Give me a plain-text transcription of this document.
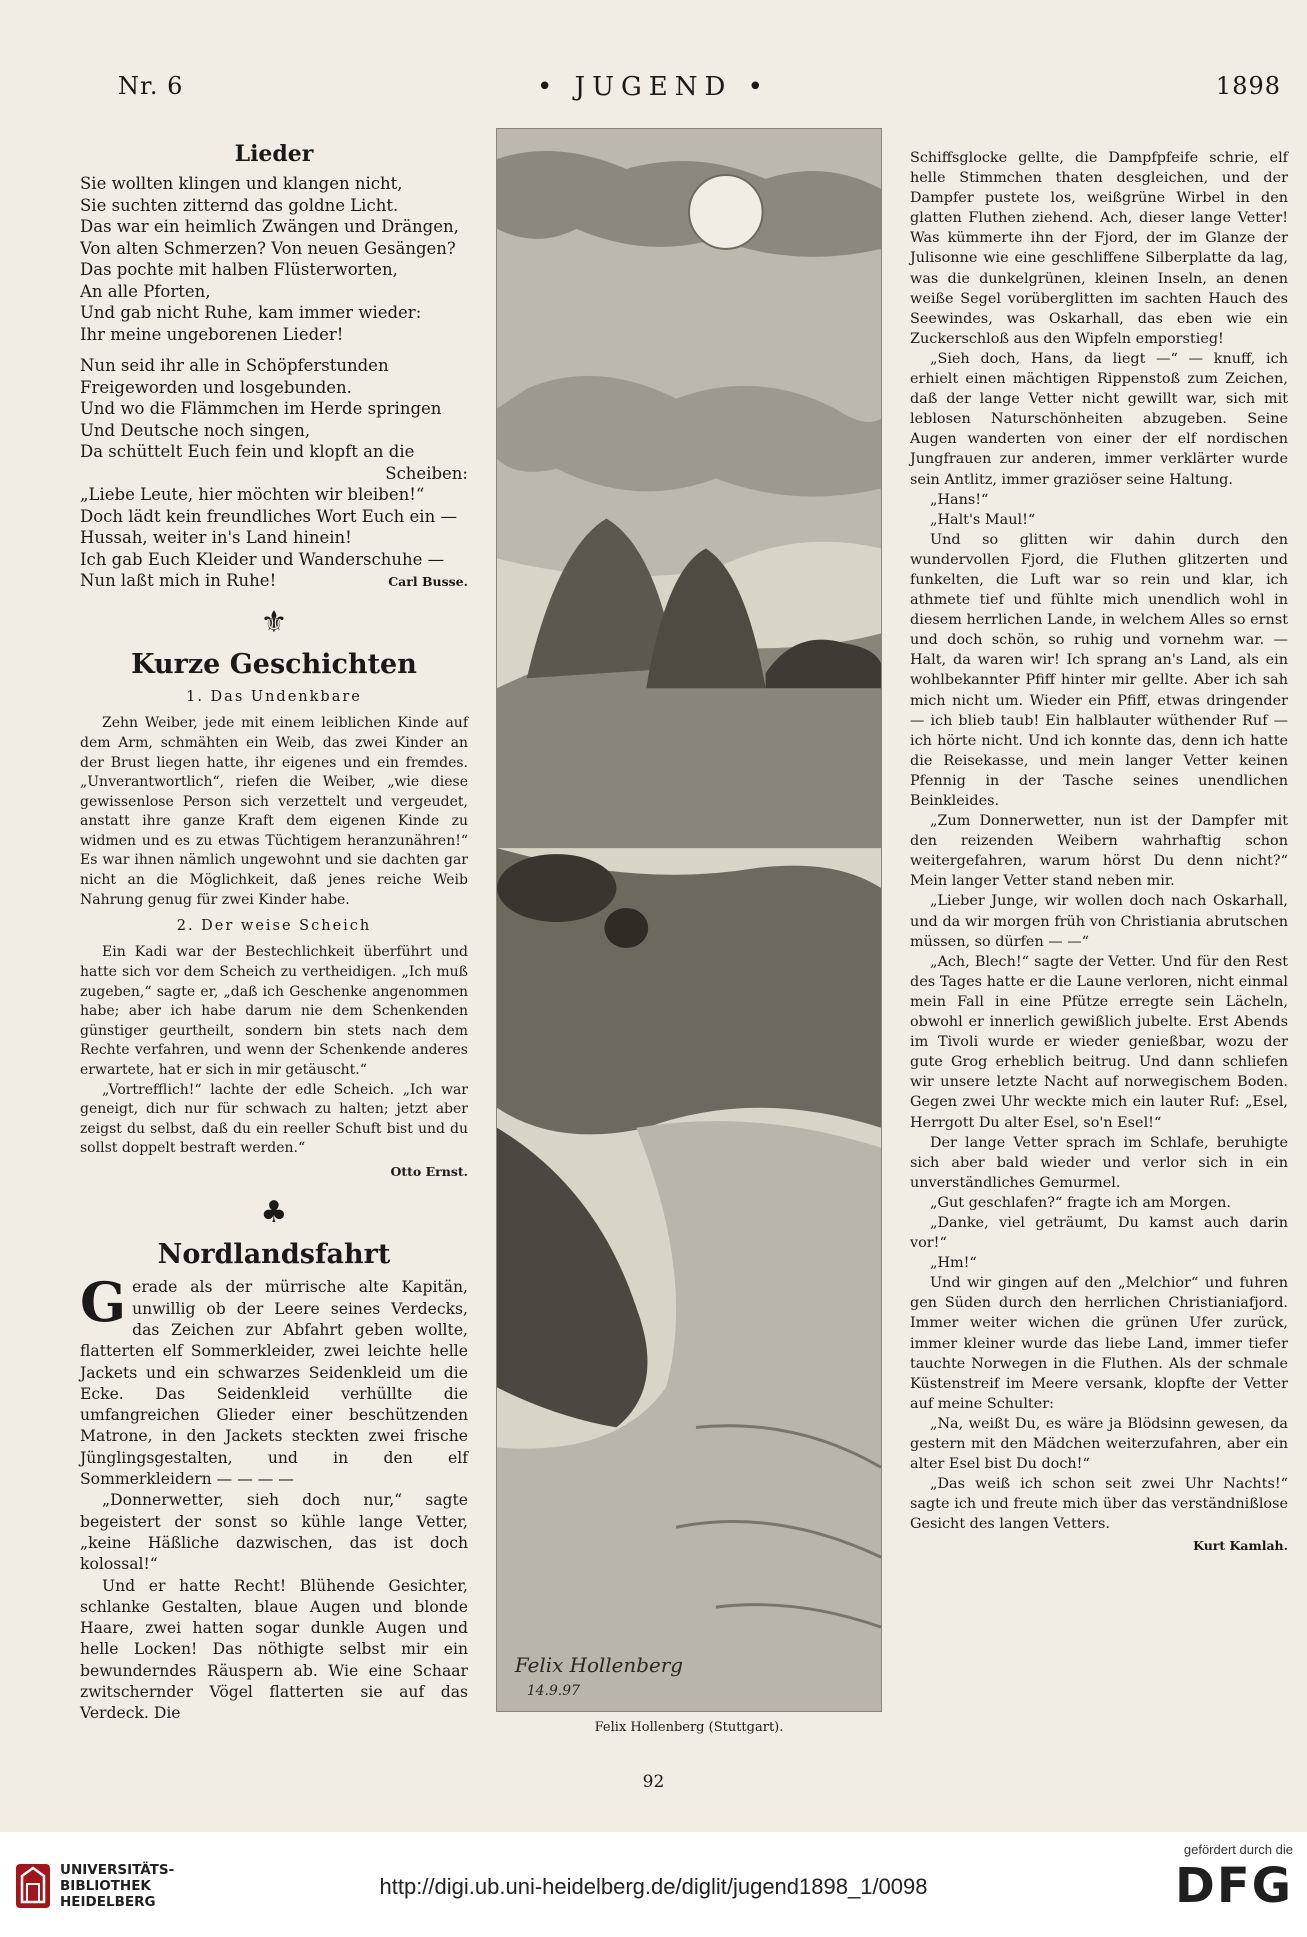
Nr. 6	• JUGEND •	1898
Lieder
Sie wollten klingen und klangen nicht,
Sie suchten zitternd das goldne Licht.
Das war ein heimlich Zwängen und Drängen,
Von alten Schmerzen? Von neuen Gesängen?
Das pochte mit halben Flüsterworten,
An alle Pforten,
Und gab nicht Ruhe, kam immer wieder:
Ihr meine ungeborenen Lieder!
Nun seid ihr alle in Schöpferstunden
Freigeworden und losgebunden.
Und wo die Flämmchen im Herde springen
Und Deutsche noch singen,
Da schüttelt Euch fein und klopft an die
Scheiben:
„Liebe Leute, hier möchten wir bleiben!“
Doch lädt kein freundliches Wort Euch ein —
Hussah, weiter in's Land hinein!
Ich gab Euch Kleider und Wanderschuhe —
Nun laßt mich in Ruhe!	Carl Busse.
⚜
Kurze Geschichten
1. Das Undenkbare

Zehn Weiber, jede mit einem leiblichen Kinde auf dem Arm, schmähten ein Weib, das zwei Kinder an der Brust liegen hatte, ihr eigenes und ein fremdes. „Unverantwortlich“, riefen die Weiber, „wie diese gewissenlose Person sich verzettelt und vergeudet, anstatt ihre ganze Kraft dem eigenen Kinde zu widmen und es zu etwas Tüchtigem heranzunähren!“ Es war ihnen nämlich ungewohnt und sie dachten gar nicht an die Möglichkeit, daß jenes reiche Weib Nahrung genug für zwei Kinder habe.

2. Der weise Scheich

Ein Kadi war der Bestechlichkeit überführt und hatte sich vor dem Scheich zu vertheidigen. „Ich muß zugeben,“ sagte er, „daß ich Geschenke angenommen habe; aber ich habe darum nie dem Schenkenden günstiger geurtheilt, sondern bin stets nach dem Rechte verfahren, und wenn der Schenkende anderes erwartete, hat er sich in mir getäuscht.“

„Vortrefflich!“ lachte der edle Scheich. „Ich war geneigt, dich nur für schwach zu halten; jetzt aber zeigst du selbst, daß du ein reeller Schuft bist und du sollst doppelt bestraft werden.“

Otto Ernst.
♣
Nordlandsfahrt

Gerade als der mürrische alte Kapitän, unwillig ob der Leere seines Verdecks, das Zeichen zur Abfahrt geben wollte, flatterten elf Sommerkleider, zwei leichte helle Jackets und ein schwarzes Seidenkleid um die Ecke. Das Seidenkleid verhüllte die umfangreichen Glieder einer beschützenden Matrone, in den Jackets steckten zwei frische Jünglingsgestalten, und in den elf Sommerkleidern — — — —

„Donnerwetter, sieh doch nur,“ sagte begeistert der sonst so kühle lange Vetter, „keine Häßliche dazwischen, das ist doch kolossal!“

Und er hatte Recht! Blühende Gesichter, schlanke Gestalten, blaue Augen und blonde Haare, zwei hatten sogar dunkle Augen und helle Locken! Das nöthigte selbst mir ein bewunderndes Räuspern ab. Wie eine Schaar zwitschernder Vögel flatterten sie auf das Verdeck. Die

Felix Hollenberg
14.9.97
Felix Hollenberg (Stuttgart).

Schiffsglocke gellte, die Dampfpfeife schrie, elf helle Stimmchen thaten desgleichen, und der Dampfer pustete los, weißgrüne Wirbel in den glatten Fluthen ziehend. Ach, dieser lange Vetter! Was kümmerte ihn der Fjord, der im Glanze der Julisonne wie eine geschliffene Silberplatte da lag, was die dunkelgrünen, kleinen Inseln, an denen weiße Segel vorüberglitten im sachten Hauch des Seewindes, was Oskarhall, das eben wie ein Zuckerschloß aus den Wipfeln emporstieg!

„Sieh doch, Hans, da liegt —“ — knuff, ich erhielt einen mächtigen Rippenstoß zum Zeichen, daß der lange Vetter nicht gewillt war, sich mit leblosen Naturschönheiten abzugeben. Seine Augen wanderten von einer der elf nordischen Jungfrauen zur anderen, immer verklärter wurde sein Antlitz, immer graziöser seine Haltung.

„Hans!“

„Halt's Maul!“

Und so glitten wir dahin durch den wundervollen Fjord, die Fluthen glitzerten und funkelten, die Luft war so rein und klar, ich athmete tief und fühlte mich unendlich wohl in diesem herrlichen Lande, in welchem Alles so ernst und doch schön, so ruhig und vornehm war. — Halt, da waren wir! Ich sprang an's Land, als ein wohlbekannter Pfiff hinter mir gellte. Aber ich sah mich nicht um. Wieder ein Pfiff, etwas dringender — ich blieb taub! Ein halblauter wüthender Ruf — ich hörte nicht. Und ich konnte das, denn ich hatte die Reisekasse, und mein langer Vetter keinen Pfennig in der Tasche seines unendlichen Beinkleides.

„Zum Donnerwetter, nun ist der Dampfer mit den reizenden Weibern wahrhaftig schon weitergefahren, warum hörst Du denn nicht?“ Mein langer Vetter stand neben mir.

„Lieber Junge, wir wollen doch nach Oskarhall, und da wir morgen früh von Christiania abrutschen müssen, so dürfen — —“

„Ach, Blech!“ sagte der Vetter. Und für den Rest des Tages hatte er die Laune verloren, nicht einmal mein Fall in eine Pfütze erregte sein Lächeln, obwohl er innerlich gewißlich jubelte. Erst Abends im Tivoli wurde er wieder genießbar, wozu der gute Grog erheblich beitrug. Und dann schliefen wir unsere letzte Nacht auf norwegischem Boden. Gegen zwei Uhr weckte mich ein lauter Ruf: „Esel, Herrgott Du alter Esel, so'n Esel!“

Der lange Vetter sprach im Schlafe, beruhigte sich aber bald wieder und verlor sich in ein unverständliches Gemurmel.

„Gut geschlafen?“ fragte ich am Morgen.

„Danke, viel geträumt, Du kamst auch darin vor!“

„Hm!“

Und wir gingen auf den „Melchior“ und fuhren gen Süden durch den herrlichen Christianiafjord. Immer weiter wichen die grünen Ufer zurück, immer kleiner wurde das liebe Land, immer tiefer tauchte Norwegen in die Fluthen. Als der schmale Küstenstreif im Meere versank, klopfte der Vetter auf meine Schulter:

„Na, weißt Du, es wäre ja Blödsinn gewesen, da gestern mit den Mädchen weiterzufahren, aber ein alter Esel bist Du doch!“

„Das weiß ich schon seit zwei Uhr Nachts!“ sagte ich und freute mich über das verständnißlose Gesicht des langen Vetters.

Kurt Kamlah.
92
UNIVERSITÄTS-
BIBLIOTHEK
HEIDELBERG
http://digi.ub.uni-heidelberg.de/diglit/jugend1898_1/0098
gefördert durch die
DFG
